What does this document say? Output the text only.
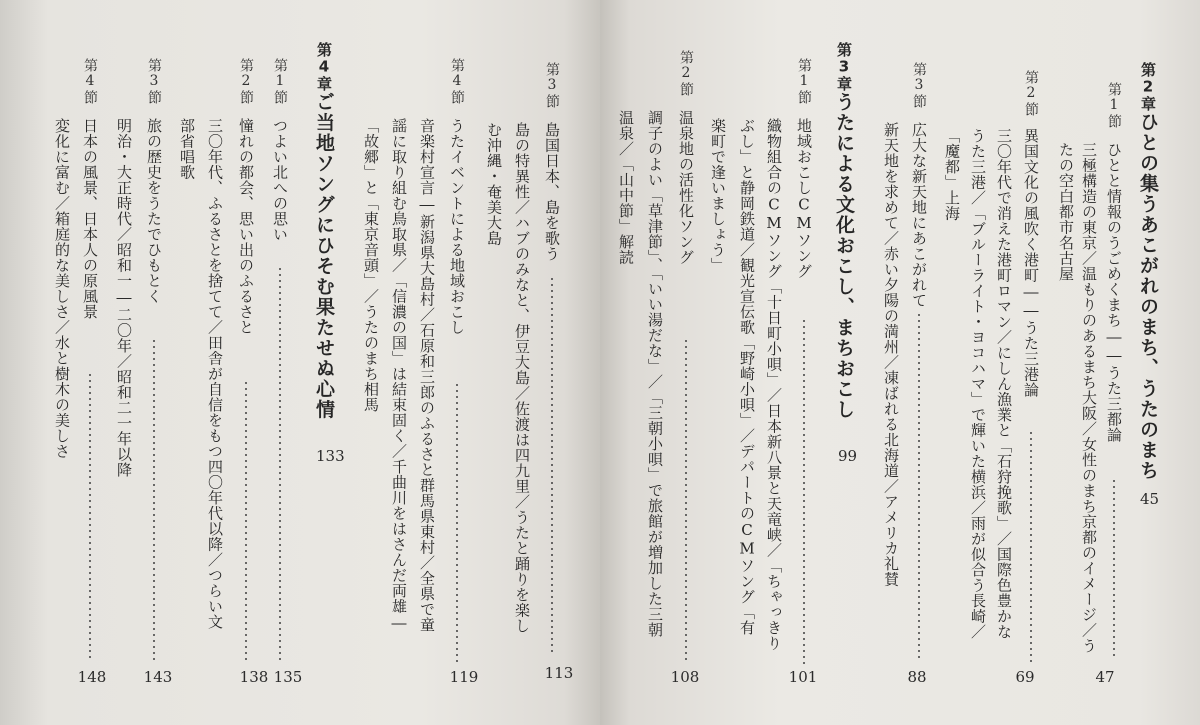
第2章
ひとの集うあこがれのまち、うたのまち
45
第1節
ひとと情報のうごめくまち――うた三都論
三極構造の東京／温もりのあるまち大阪／女性のまち京都のイメージ／う
たの空白都市名古屋
47
第2節
異国文化の風吹く港町――うた三港論
三〇年代で消えた港町ロマン／にしん漁業と「石狩挽歌」／国際色豊かな
うた三港／「ブルーライト・ヨコハマ」で輝いた横浜／雨が似合う長崎／
「魔都」上海
69
第3節
広大な新天地にあこがれて
新天地を求めて／赤い夕陽の満州／凍ばれる北海道／アメリカ礼賛
88
第3章
うたによる文化おこし、まちおこし
99
第1節
地域おこしCMソング
織物組合のCMソング「十日町小唄」／日本新八景と天竜峡／「ちゃっきり
ぶし」と静岡鉄道／観光宣伝歌「野崎小唄」／デパートのCMソング「有
楽町で逢いましょう」
101
第2節
温泉地の活性化ソング
調子のよい「草津節」、「いい湯だな」／「三朝小唄」で旅館が増加した三朝
温泉／「山中節」解読
108
第3節
島国日本、島を歌う
島の特異性／ハブのみなと、伊豆大島／佐渡は四九里／うたと踊りを楽し
む沖縄・奄美大島
113
第4節
うたイベントによる地域おこし
音楽村宣言―新潟県大島村／石原和三郎のふるさと群馬県東村／全県で童
謡に取り組む鳥取県／「信濃の国」は結束固く／千曲川をはさんだ両雄―
「故郷」と「東京音頭」／うたのまち相馬
119
第4章
ご当地ソングにひそむ果たせぬ心情
133
第1節
つよい北への思い
135
第2節
憧れの都会、思い出のふるさと
三〇年代、ふるさとを捨てて／田舎が自信をもつ四〇年代以降／つらい文
部省唱歌
138
第3節
旅の歴史をうたでひもとく
明治・大正時代／昭和一―二〇年／昭和二一年以降
143
第4節
日本の風景、日本人の原風景
変化に富む／箱庭的な美しさ／水と樹木の美しさ
148
